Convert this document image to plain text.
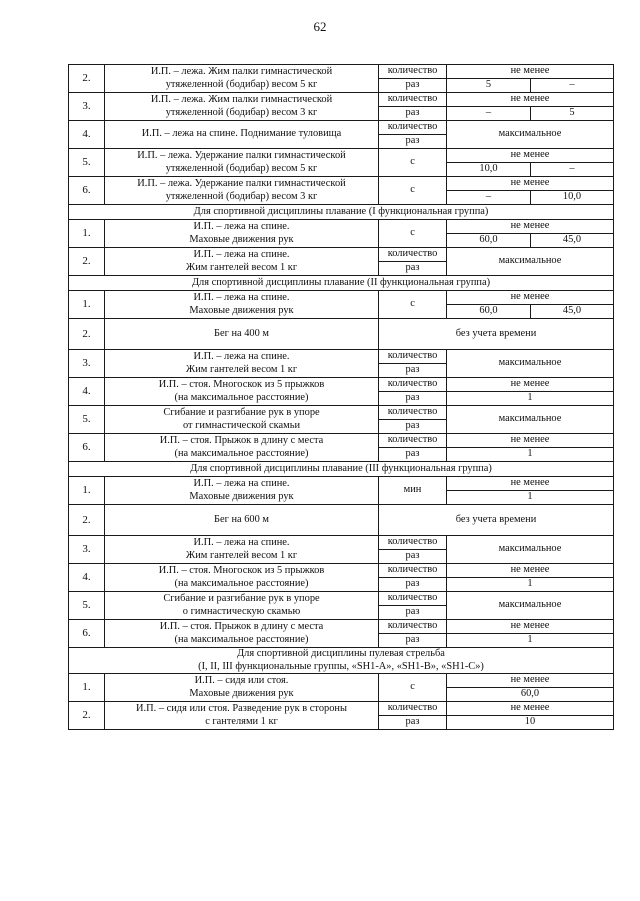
62
2.	И.П. – лежа. Жим палки гимнастической
утяжеленной (бодибар) весом 5 кг	количество	не менее	
		раз	5	–
3.	И.П. – лежа. Жим палки гимнастической
утяжеленной (бодибар) весом 3 кг	количество	не менее	
		раз	–	5
4.	И.П. – лежа на спине. Поднимание туловища	количество	максимальное	
		раз		
5.	И.П. – лежа. Удержание палки гимнастической
утяжеленной (бодибар) весом 5 кг	с	не менее	
			10,0	–
6.	И.П. – лежа. Удержание палки гимнастической
утяжеленной (бодибар) весом 3 кг	с	не менее	
			–	10,0
Для спортивной дисциплины плавание (I функциональная группа)				
1.	И.П. – лежа на спине.
Маховые движения рук	с	не менее	
			60,0	45,0
2.	И.П. – лежа на спине.
Жим гантелей весом 1 кг	количество	максимальное	
		раз		
Для спортивной дисциплины плавание (II функциональная группа)				
1.	И.П. – лежа на спине.
Маховые движения рук	с	не менее	
			60,0	45,0
2.	Бег на 400 м	без учета времени		
3.	И.П. – лежа на спине.
Жим гантелей весом 1 кг	количество	максимальное	
		раз		
4.	И.П. – стоя. Многоскок из 5 прыжков
(на максимальное расстояние)	количество	не менее	
		раз	1	
5.	Сгибание и разгибание рук в упоре
от гимнастической скамьи	количество	максимальное	
		раз		
6.	И.П. – стоя. Прыжок в длину с места
(на максимальное расстояние)	количество	не менее	
		раз	1	
Для спортивной дисциплины плавание (III функциональная группа)				
1.	И.П. – лежа на спине.
Маховые движения рук	мин	не менее	
			1	
2.	Бег на 600 м	без учета времени		
3.	И.П. – лежа на спине.
Жим гантелей весом 1 кг	количество	максимальное	
		раз		
4.	И.П. – стоя. Многоскок из 5 прыжков
(на максимальное расстояние)	количество	не менее	
		раз	1	
5.	Сгибание и разгибание рук в упоре
о гимнастическую скамью	количество	максимальное	
		раз		
6.	И.П. – стоя. Прыжок в длину с места
(на максимальное расстояние)	количество	не менее	
		раз	1	

Для спортивной дисциплины пулевая стрельба
(I, II, III функциональные группы, «SH1-A», «SH1-B», «SH1-C»)				

1.	И.П. – сидя или стоя.
Маховые движения рук	с	не менее	
			60,0	
2.	И.П. – сидя или стоя. Разведение рук в стороны
с гантелями 1 кг	количество	не менее	
		раз	10	
